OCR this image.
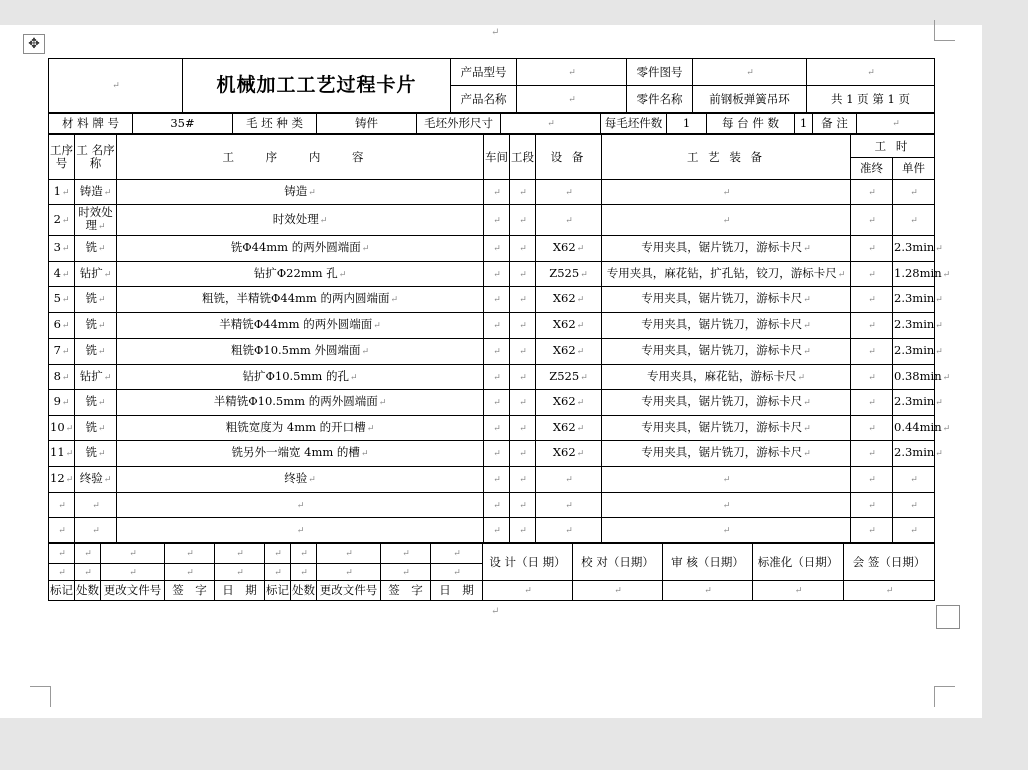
✥
↵
↵
↵	机械加工工艺过程卡片	产品型号	↵	零件图号	↵	↵
		产品名称	↵	零件名称	前钢板弹簧吊环	共 1 页 第 1 页
材 料 牌 号	35#	毛 坯 种 类	铸件	毛坯外形尺寸	↵	每毛坯件数	1	每 台 件 数	1	备 注	↵
工序号	工 名序 称	工 序 内 容	车间	工段	设 备	工 艺 装 备	工 时	
							准终	单件
1↵	铸造↵	铸造↵	↵	↵	↵	↵	↵	↵
2↵	时效处理↵	时效处理↵	↵	↵	↵	↵	↵	↵
3↵	铣↵	铣Φ44mm 的两外圆端面↵	↵	↵	X62↵	专用夹具，锯片铣刀，游标卡尺↵	↵	2.3min↵
4↵	钻扩↵	钻扩Φ22mm 孔↵	↵	↵	Z525↵	专用夹具，麻花钻，扩孔钻，铰刀，游标卡尺↵	↵	1.28min↵
5↵	铣↵	粗铣，半精铣Φ44mm 的两内圆端面↵	↵	↵	X62↵	专用夹具，锯片铣刀，游标卡尺↵	↵	2.3min↵
6↵	铣↵	半精铣Φ44mm 的两外圆端面↵	↵	↵	X62↵	专用夹具，锯片铣刀，游标卡尺↵	↵	2.3min↵
7↵	铣↵	粗铣Φ10.5mm 外圆端面↵	↵	↵	X62↵	专用夹具，锯片铣刀，游标卡尺↵	↵	2.3min↵
8↵	钻扩↵	钻扩Φ10.5mm 的孔↵	↵	↵	Z525↵	专用夹具，麻花钻，游标卡尺↵	↵	0.38min↵
9↵	铣↵	半精铣Φ10.5mm 的两外圆端面↵	↵	↵	X62↵	专用夹具，锯片铣刀，游标卡尺↵	↵	2.3min↵
10↵	铣↵	粗铣宽度为 4mm 的开口槽↵	↵	↵	X62↵	专用夹具，锯片铣刀，游标卡尺↵	↵	0.44min↵
11↵	铣↵	铣另外一端宽 4mm 的槽↵	↵	↵	X62↵	专用夹具，锯片铣刀，游标卡尺↵	↵	2.3min↵
12↵	终验↵	终验↵	↵	↵	↵	↵	↵	↵
↵	↵	↵	↵	↵	↵	↵	↵	↵
↵	↵	↵	↵	↵	↵	↵	↵	↵
↵	↵	↵	↵	↵	↵	↵	↵	↵	↵	设 计（日 期）	校 对（日期）	审 核（日期）	标准化（日期）	会 签（日期）
↵	↵	↵	↵	↵	↵	↵	↵	↵	↵					
标记	处数	更改文件号	签　字	日　期	标记	处数	更改文件号	签　字	日　期	↵	↵	↵	↵	↵
